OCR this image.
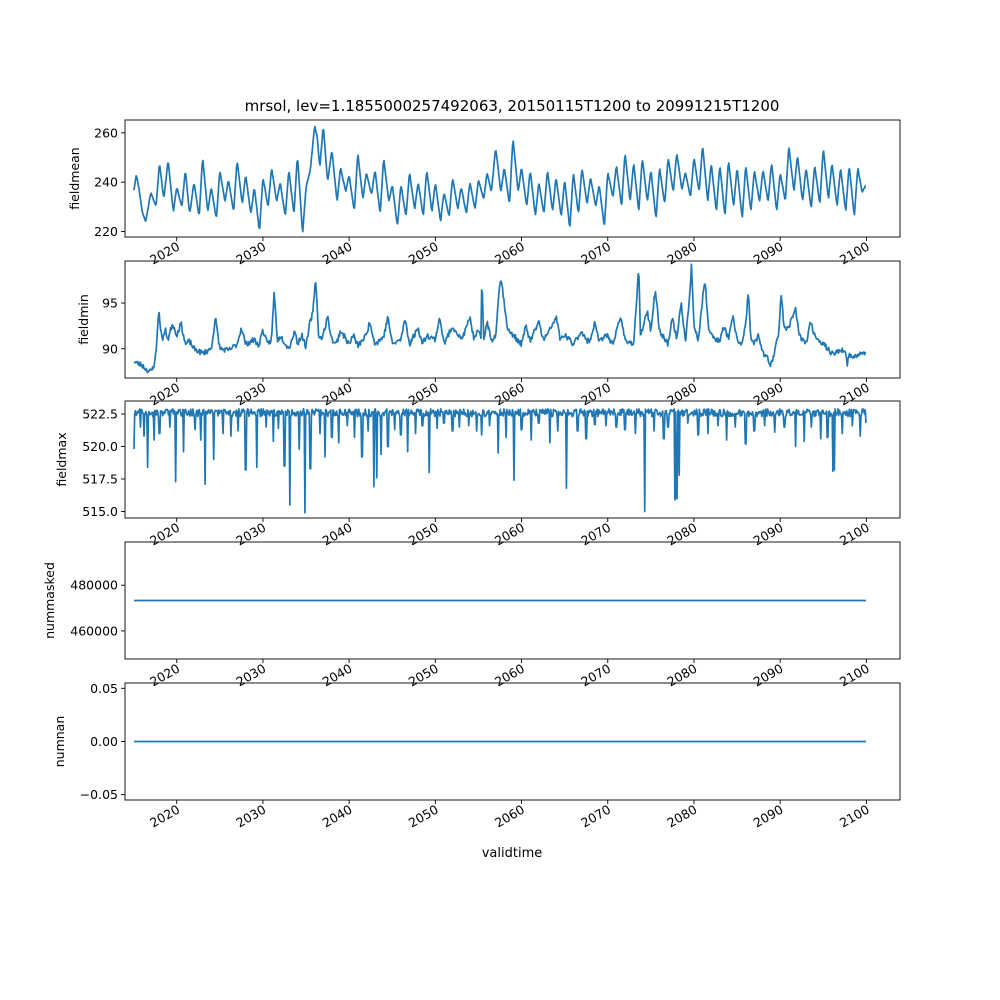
mrsol, lev=1.1855000257492063, 20150115T1200 to 20991215T1200
220
240
260
fieldmean
2020	2030	2040	2050	2060	2070	2080	2090	2100
90
95
fieldmin
2020	2030	2040	2050	2060	2070	2080	2090	2100
515.0
517.5
520.0
522.5
fieldmax
2020	2030	2040	2050	2060	2070	2080	2090	2100
460000
480000
nummasked
2020	2030	2040	2050	2060	2070	2080	2090	2100
−0.05
0.00
0.05
numnan
2020	2030	2040	2050	2060	2070	2080	2090	2100
validtime
